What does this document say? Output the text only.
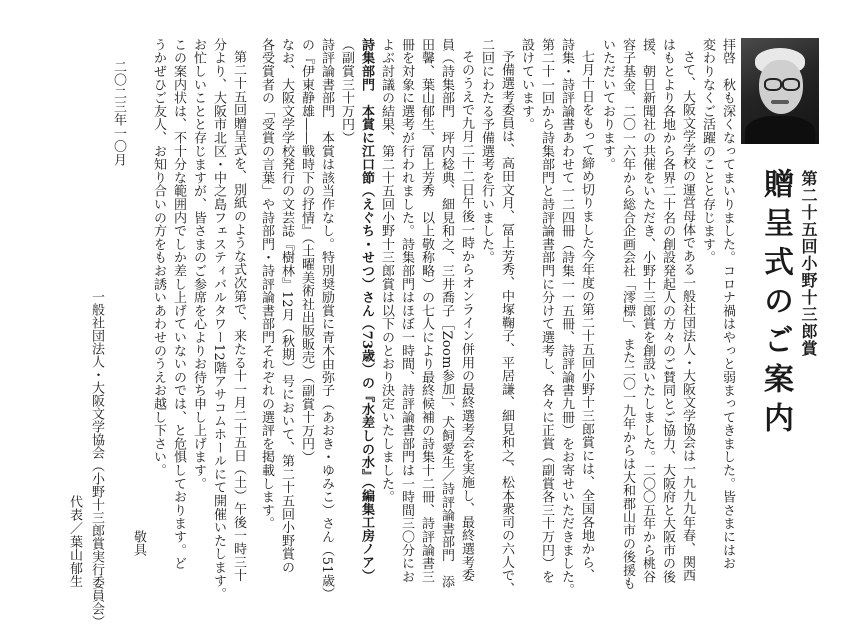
第二十五回小野十三郎賞
贈呈式のご案内
拝啓　秋も深くなってまいりました。コロナ禍はやっと弱まってきました。皆さまにはお
変わりなくご活躍のことと存じます。
さて、大阪文学学校の運営母体である一般社団法人・大阪文学協会は一九九九年春、関西
はもとより各地から各界二十名の創設発起人の方々のご賛同とご協力、大阪府と大阪市の後
援、朝日新聞社の共催をいただき、小野十三郎賞を創設いたしました。二〇〇五年から桃谷
容子基金、二〇一六年から総合企画会社「澪標」、また二〇一九年からは大和郡山市の後援も
いただいております。
七月十日をもって締め切りました今年度の第二十五回小野十三郎賞には、全国各地から、
詩集・詩評論書あわせて一二四冊（詩集一一五冊、詩評論書九冊）をお寄せいただきました。
第二十一回から詩集部門と詩評論書部門に分けて選考し、各々に正賞（副賞各三十万円）を
設けています。
予備選考委員は、高田文月、冨上芳秀、中塚鞠子、平居謙、細見和之、松本衆司の六人で、
二回にわたる予備選考を行いました。
そのうえで九月二十二日午後一時からオンライン併用の最終選考会を実施し、最終選考委
員（詩集部門　坪内稔典、細見和之、三井喬子［Zoom参加］、犬飼愛生／詩評論書部門　添
田馨、葉山郁生、冨上芳秀　以上敬称略）の七人により最終候補の詩集十二冊、詩評論書三
冊を対象に選考が行われました。詩集部門はほぼ一時間、詩評論書部門は一時間三〇分にお
よぶ討議の結果、第二十五回小野十三郎賞は以下のとおり決定いたしました。
詩集部門　本賞に江口節（えぐち・せつ）さん（73歳）の『水差しの水』（編集工房ノア）
（副賞三十万円）
詩評論書部門　本賞は該当作なし。特別奨励賞に青木由弥子（あおき・ゆみこ）さん（51歳）
の『伊東静雄――戦時下の抒情』（土曜美術社出版販売）（副賞十万円）
なお、大阪文学学校発行の文芸誌『樹林』12月（秋期）号において、第二十五回小野賞の
各受賞者の「受賞の言葉」や詩部門・詩評論書部門それぞれの選評を掲載します。
第二十五回贈呈式を、別紙のような式次第で、来たる十一月二十五日（土）午後一時三十
分より、大阪市北区・中之島フェスティバルタワー12階アサコムホールにて開催いたします。
お忙しいことと存じますが、皆さまのご参席を心よりお待ち申し上げます。
この案内状は、不十分な範囲内でしか差し上げていないのでは、と危惧しております。ど
うかぜひご友人、お知り合いの方をもお誘いあわせのうえお越し下さい。
敬具
二〇二三年一〇月
一般社団法人・大阪文学協会（小野十三郎賞実行委員会）
代表／葉山郁生
